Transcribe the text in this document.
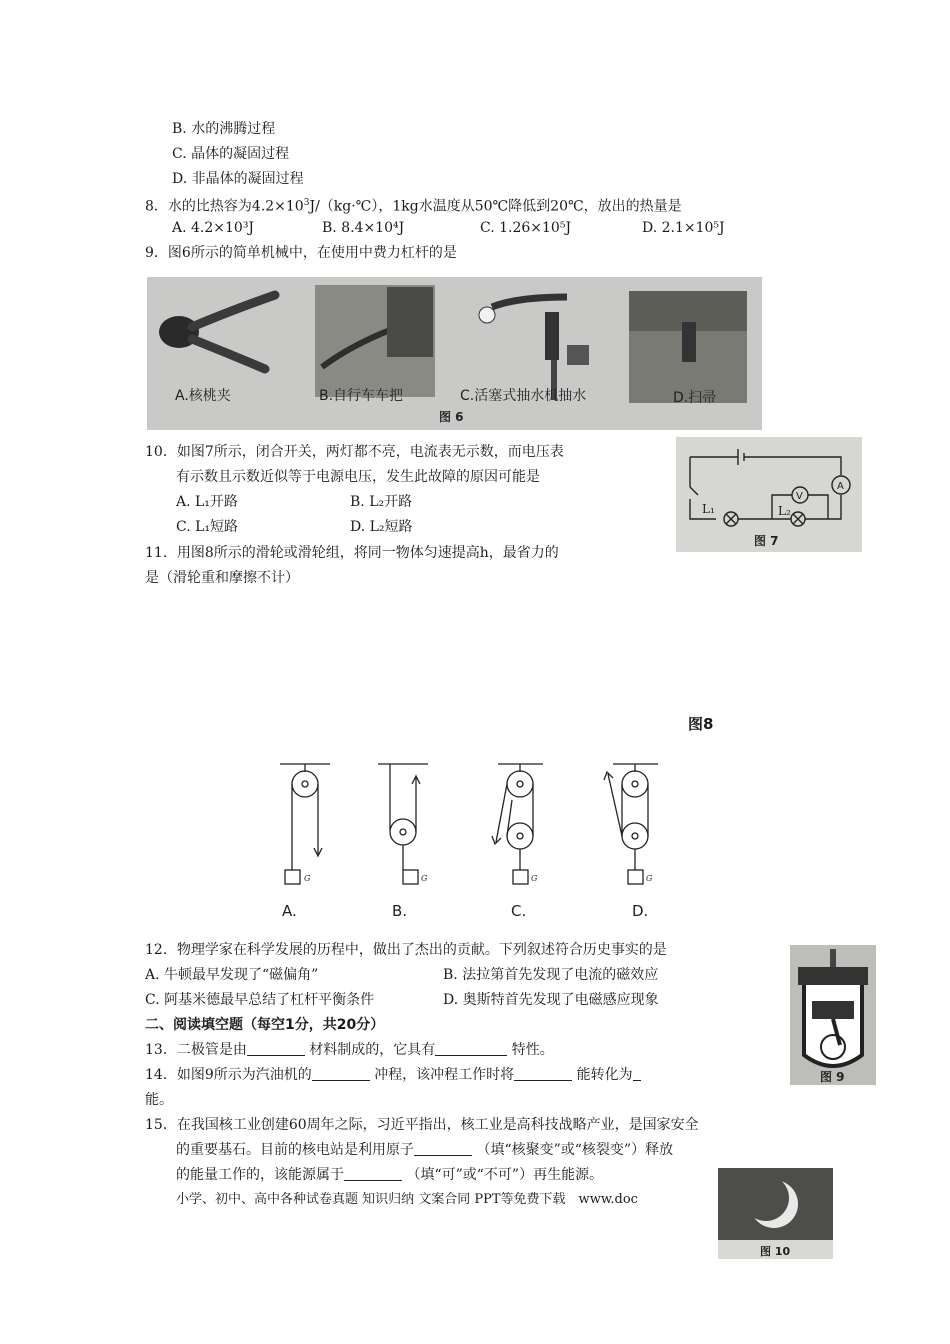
B. 水的沸腾过程
C. 晶体的凝固过程
D. 非晶体的凝固过程
8．水的比热容为$4.2\times 10^3J/(kg\cdot℃)$，1kg水温度从50℃降低到20℃，放出的热量是
A. 4.2×10³J	B. 8.4×10⁴J	C. 1.26×10⁵J	D. 2.1×10⁵J
9．图6所示的简单机械中，在使用中费力杠杆的是
A.核桃夹	B.自行车车把	C.活塞式抽水机抽水	D.扫帚
图 6
10．如图7所示，闭合开关，两灯都不亮，电流表无示数，而电压表
有示数且示数近似等于电源电压，发生此故障的原因可能是
A. L₁开路	B. L₂开路
C. L₁短路	D. L₂短路
V
A
L₁	L₂
图 7
11．用图8所示的滑轮或滑轮组，将同一物体匀速提高h，最省力的
是（滑轮重和摩擦不计）
图8
G	G	G	G
A.	B.	C.	D.
12．物理学家在科学发展的历程中，做出了杰出的贡献。下列叙述符合历史事实的是
A. 牛顿最早发现了“磁偏角”	B. 法拉第首先发现了电流的磁效应
C. 阿基米德最早总结了杠杆平衡条件	D. 奥斯特首先发现了电磁感应现象
图 9
二、阅读填空题（每空1分，共20分）
13．二极管是由	材料制成的，它具有	特性。
14．如图9所示为汽油机的	冲程，该冲程工作时将	能转化为
能。
15．在我国核工业创建60周年之际，习近平指出，核工业是高科技战略产业，是国家安全
的重要基石。目前的核电站是利用原子	（填“核聚变”或“核裂变”）释放
的能量工作的，该能源属于	（填“可”或“不可”）再生能源。
小学、初中、高中各种试卷真题 知识归纳 文案合同 PPT等免费下载　www.doc
图 10
